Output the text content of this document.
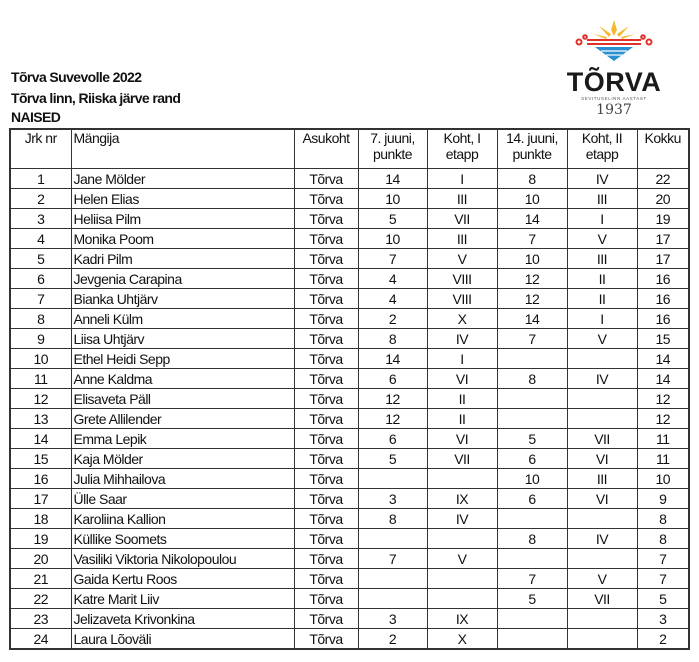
Tõrva Suvevolle 2022
Tõrva linn, Riiska järve rand
NAISED
TÕRVA
SEVITUSELINN AASTAST
1937
Jrk nr	Mängija	Asukoht	7. juuni, punkte	Koht, I etapp	14. juuni, punkte	Koht, II etapp	Kokku
1	Jane Mölder	Tõrva	14	I	8	IV	22
2	Helen Elias	Tõrva	10	III	10	III	20
3	Heliisa Pilm	Tõrva	5	VII	14	I	19
4	Monika Poom	Tõrva	10	III	7	V	17
5	Kadri Pilm	Tõrva	7	V	10	III	17
6	Jevgenia Carapina	Tõrva	4	VIII	12	II	16
7	Bianka Uhtjärv	Tõrva	4	VIII	12	II	16
8	Anneli Külm	Tõrva	2	X	14	I	16
9	Liisa Uhtjärv	Tõrva	8	IV	7	V	15
10	Ethel Heidi Sepp	Tõrva	14	I			14
11	Anne Kaldma	Tõrva	6	VI	8	IV	14
12	Elisaveta Päll	Tõrva	12	II			12
13	Grete Allilender	Tõrva	12	II			12
14	Emma Lepik	Tõrva	6	VI	5	VII	11
15	Kaja Mölder	Tõrva	5	VII	6	VI	11
16	Julia Mihhailova	Tõrva			10	III	10
17	Ülle Saar	Tõrva	3	IX	6	VI	9
18	Karoliina Kallion	Tõrva	8	IV			8
19	Küllike Soomets	Tõrva			8	IV	8
20	Vasiliki Viktoria Nikolopoulou	Tõrva	7	V			7
21	Gaida Kertu Roos	Tõrva			7	V	7
22	Katre Marit Liiv	Tõrva			5	VII	5
23	Jelizaveta Krivonkina	Tõrva	3	IX			3
24	Laura Lõoväli	Tõrva	2	X			2
